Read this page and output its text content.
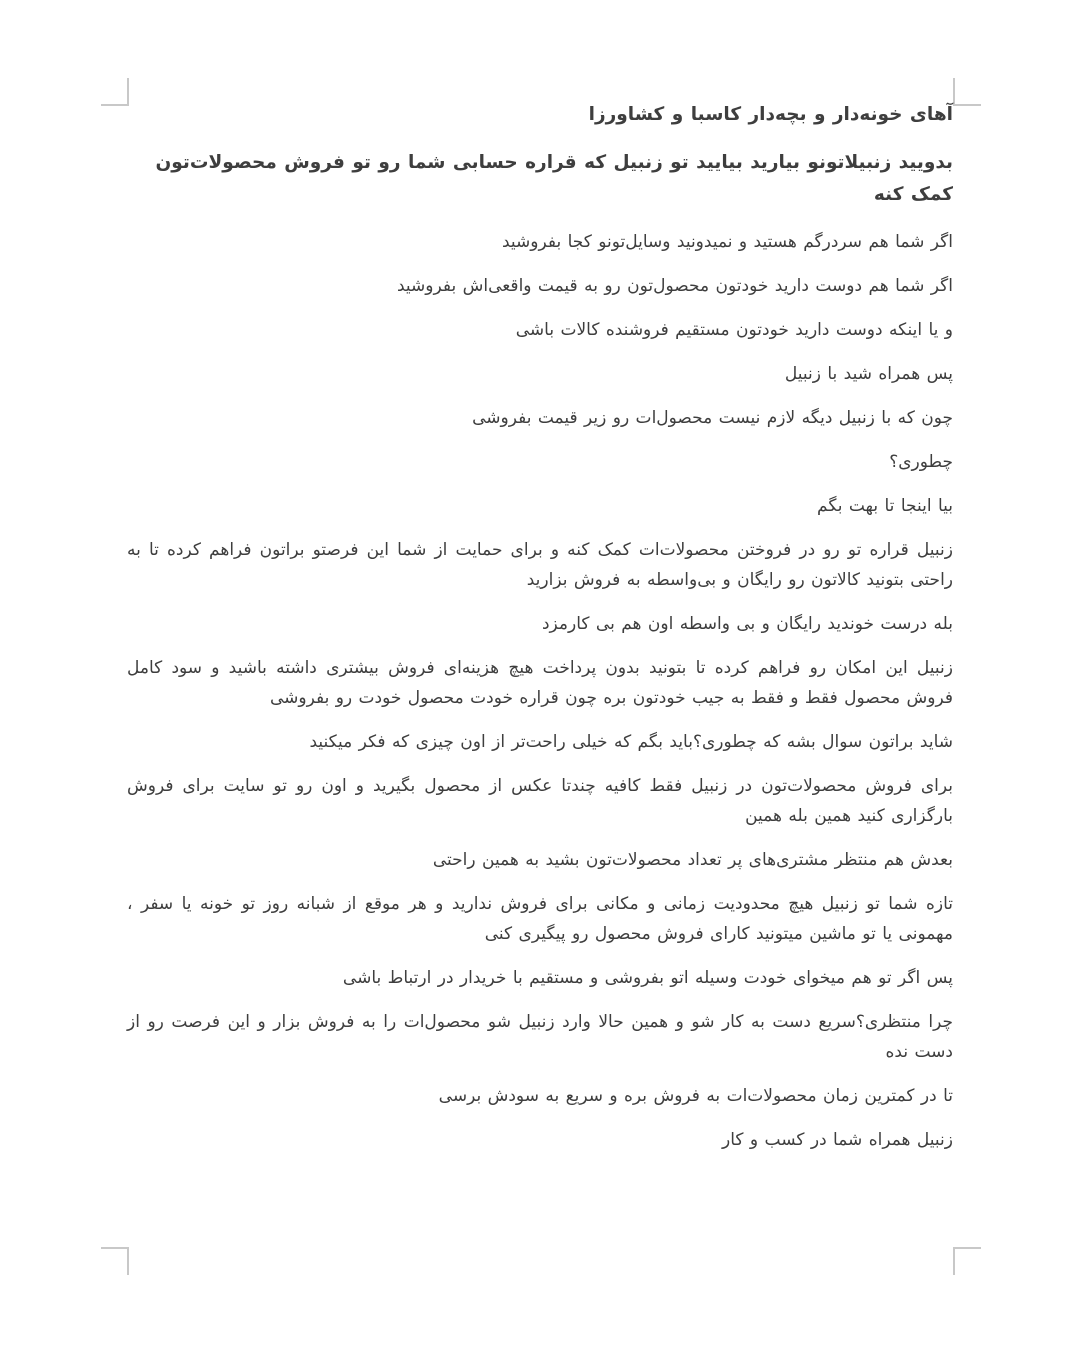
آهای خونه‌دار و بچه‌دار کاسبا و کشاورزا

بدویید زنبیلاتونو بیارید بیایید تو زنبیل که قراره حسابی شما رو تو فروش محصولات‌تون کمک کنه

اگر شما هم سردرگم هستید و نمیدونید وسایل‌تونو کجا بفروشید

اگر شما هم دوست دارید خودتون محصول‌تون رو به قیمت واقعی‌اش بفروشید

و یا اینکه دوست دارید خودتون مستقیم فروشنده کالات باشی

پس همراه شید با زنبیل

چون که با زنبیل دیگه لازم نیست محصول‌ات رو زیر قیمت بفروشی

چطوری؟

بیا اینجا تا بهت بگم

زنبیل قراره تو رو در فروختن محصولات‌ات کمک کنه و برای حمایت از شما این فرصتو براتون فراهم کرده تا به راحتی بتونید کالاتون رو رایگان و بی‌واسطه به فروش بزارید

بله درست خوندید رایگان و بی واسطه اون هم بی کارمزد

زنبیل این امکان رو فراهم کرده تا بتونید بدون پرداخت هیچ هزینه‌ای فروش بیشتری داشته باشید و سود کامل فروش محصول فقط و فقط به جیب خودتون بره چون قراره خودت محصول خودت رو بفروشی

شاید براتون سوال بشه که چطوری؟باید بگم که خیلی راحت‌تر از اون چیزی که فکر میکنید

برای فروش محصولات‌تون در زنبیل فقط کافیه چندتا عکس از محصول بگیرید و اون رو تو سایت برای فروش بارگزاری کنید همین بله همین

بعدش هم منتظر مشتری‌های پر تعداد محصولات‌تون بشید به همین راحتی

تازه شما تو زنبیل هیچ محدودیت زمانی و مکانی برای فروش ندارید و هر موقع از شبانه روز تو خونه یا سفر ، مهمونی یا تو ماشین میتونید کارای فروش محصول رو پیگیری کنی

پس اگر تو هم میخوای خودت وسیله اتو بفروشی و مستقیم با خریدار در ارتباط باشی

چرا منتظری؟سریع دست به کار شو و همین حالا وارد زنبیل شو محصول‌ات را به فروش بزار و این فرصت رو از دست نده

تا در کمترین زمان محصولات‌ات به فروش بره و سریع به سودش برسی

زنبیل همراه شما در کسب و کار
